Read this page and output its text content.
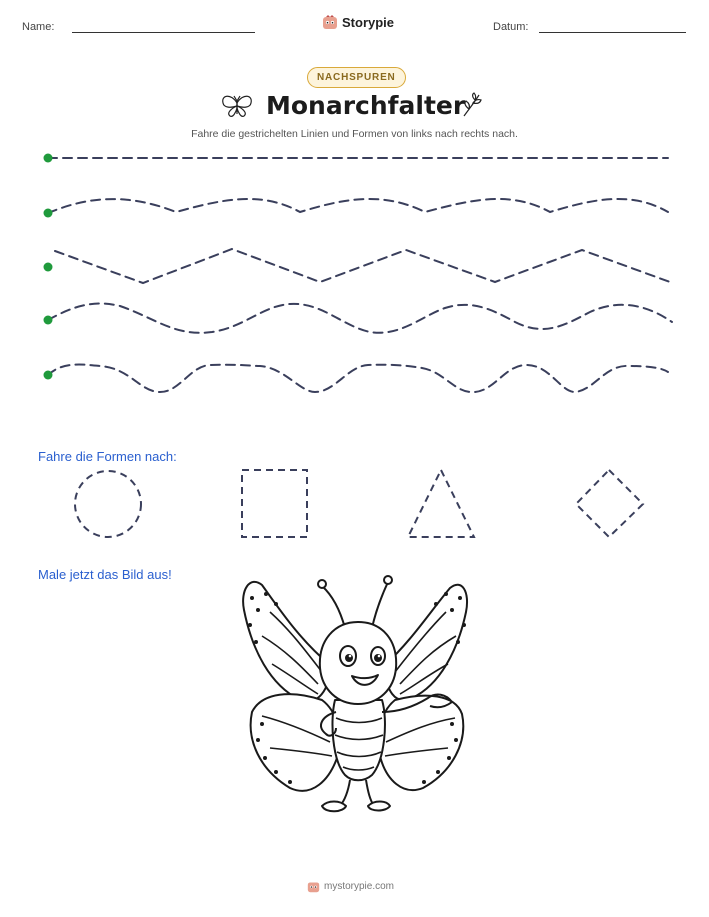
Name:	Storypie	Datum:
NACHSPUREN
Monarchfalter
Fahre die gestrichelten Linien und Formen von links nach rechts nach.
Fahre die Formen nach:
Male jetzt das Bild aus!
mystorypie.com
